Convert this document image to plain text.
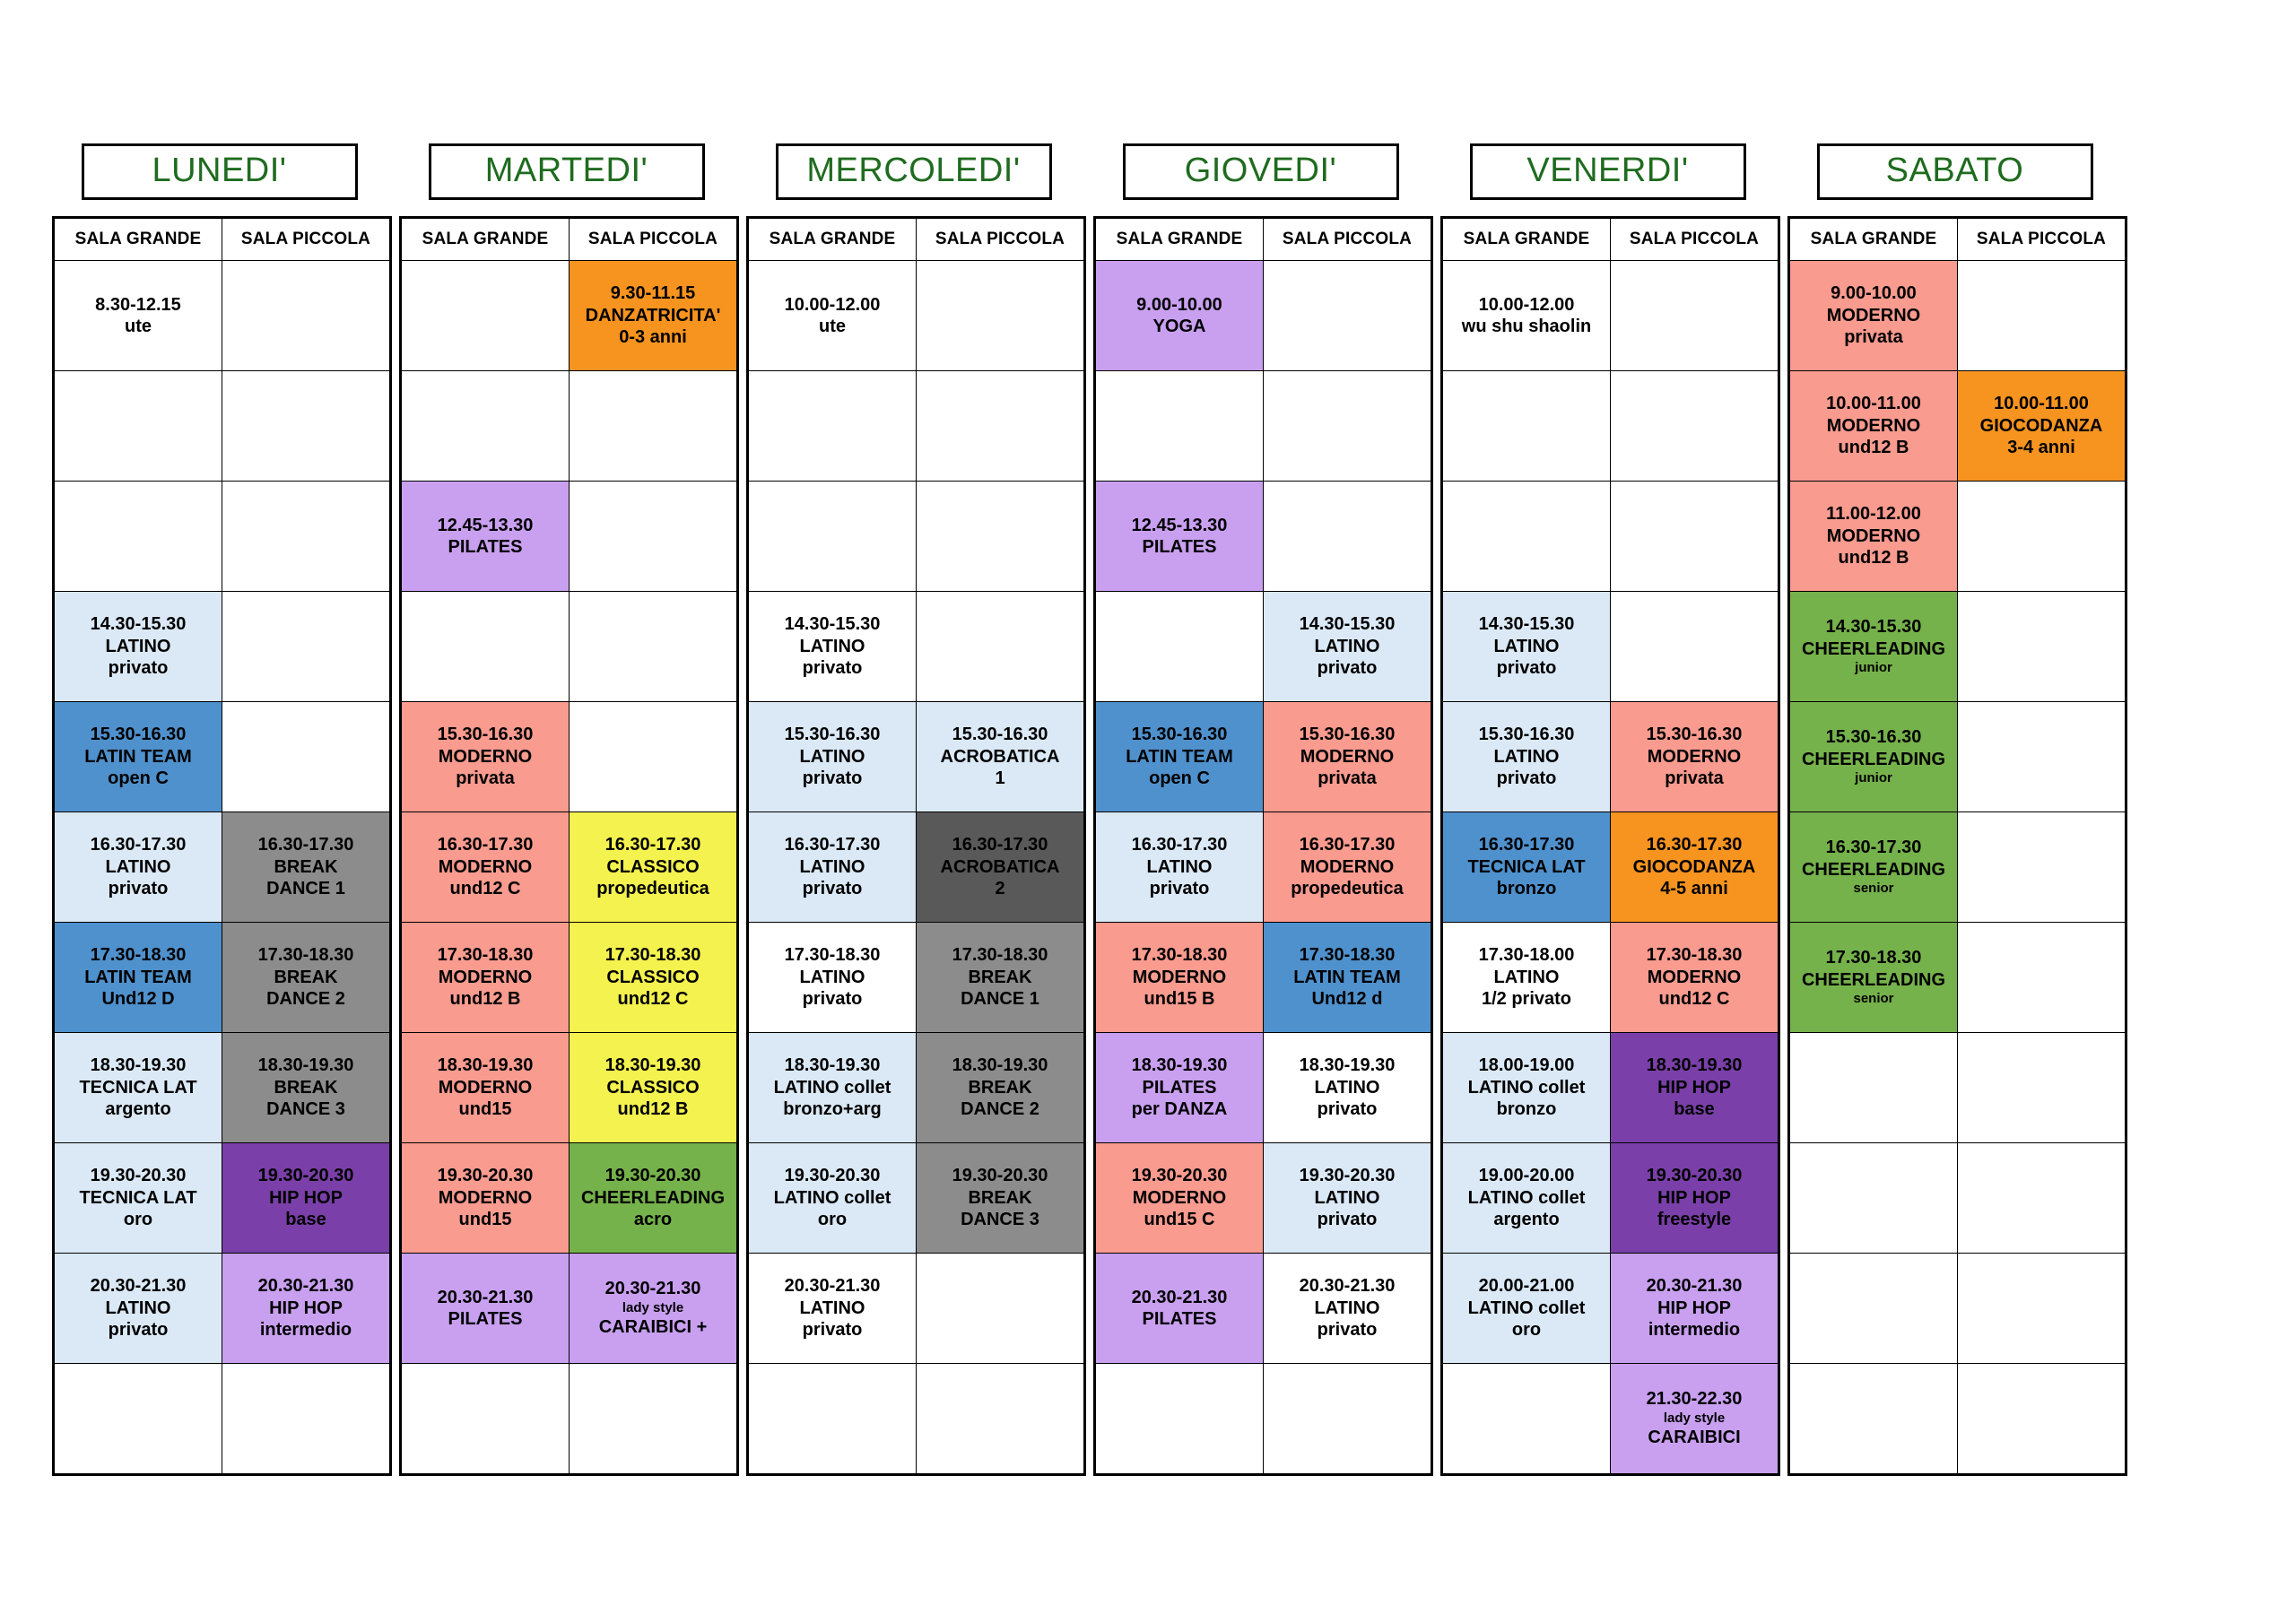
LUNEDI'
SALA GRANDE	SALA PICCOLA

8.30-12.15
ute	

14.30-15.30
LATINO
privato	

15.30-16.30
LATIN TEAM
open C	

16.30-17.30
LATINO
privato	16.30-17.30
BREAK
DANCE 1

17.30-18.30
LATIN TEAM
Und12 D	17.30-18.30
BREAK
DANCE 2

18.30-19.30
TECNICA LAT
argento	18.30-19.30
BREAK
DANCE 3

19.30-20.30
TECNICA LAT
oro	19.30-20.30
HIP HOP
base

20.30-21.30
LATINO
privato	20.30-21.30
HIP HOP
intermedio

MARTEDI'
SALA GRANDE	SALA PICCOLA

	9.30-11.15
DANZATRICITA'
0-3 anni

12.45-13.30
PILATES	

15.30-16.30
MODERNO
privata	

16.30-17.30
MODERNO
und12 C	16.30-17.30
CLASSICO
propedeutica

17.30-18.30
MODERNO
und12 B	17.30-18.30
CLASSICO
und12 C

18.30-19.30
MODERNO
und15	18.30-19.30
CLASSICO
und12 B

19.30-20.30
MODERNO
und15	19.30-20.30
CHEERLEADING
acro

20.30-21.30
PILATES	20.30-21.30
lady style
CARAIBICI +

MERCOLEDI'
SALA GRANDE	SALA PICCOLA

10.00-12.00
ute	

14.30-15.30
LATINO
privato	

15.30-16.30
LATINO
privato	15.30-16.30
ACROBATICA
1

16.30-17.30
LATINO
privato	16.30-17.30
ACROBATICA
2

17.30-18.30
LATINO
privato	17.30-18.30
BREAK
DANCE 1

18.30-19.30
LATINO collet
bronzo+arg	18.30-19.30
BREAK
DANCE 2

19.30-20.30
LATINO collet
oro	19.30-20.30
BREAK
DANCE 3

20.30-21.30
LATINO
privato	

GIOVEDI'
SALA GRANDE	SALA PICCOLA

9.00-10.00
YOGA	

12.45-13.30
PILATES	

	14.30-15.30
LATINO
privato

15.30-16.30
LATIN TEAM
open C	15.30-16.30
MODERNO
privata

16.30-17.30
LATINO
privato	16.30-17.30
MODERNO
propedeutica

17.30-18.30
MODERNO
und15 B	17.30-18.30
LATIN TEAM
Und12 d

18.30-19.30
PILATES
per DANZA	18.30-19.30
LATINO
privato

19.30-20.30
MODERNO
und15 C	19.30-20.30
LATINO
privato

20.30-21.30
PILATES	20.30-21.30
LATINO
privato

VENERDI'
SALA GRANDE	SALA PICCOLA

10.00-12.00
wu shu shaolin	

14.30-15.30
LATINO
privato	

15.30-16.30
LATINO
privato	15.30-16.30
MODERNO
privata

16.30-17.30
TECNICA LAT
bronzo	16.30-17.30
GIOCODANZA
4-5 anni

17.30-18.00
LATINO
1/2 privato	17.30-18.30
MODERNO
und12 C

18.00-19.00
LATINO collet
bronzo	18.30-19.30
HIP HOP
base

19.00-20.00
LATINO collet
argento	19.30-20.30
HIP HOP
freestyle

20.00-21.00
LATINO collet
oro	20.30-21.30
HIP HOP
intermedio

	21.30-22.30
lady style
CARAIBICI
SABATO
SALA GRANDE	SALA PICCOLA

9.00-10.00
MODERNO
privata	

10.00-11.00
MODERNO
und12 B	10.00-11.00
GIOCODANZA
3-4 anni

11.00-12.00
MODERNO
und12 B	

14.30-15.30
CHEERLEADING
junior	

15.30-16.30
CHEERLEADING
junior	

16.30-17.30
CHEERLEADING
senior	

17.30-18.30
CHEERLEADING
senior	
